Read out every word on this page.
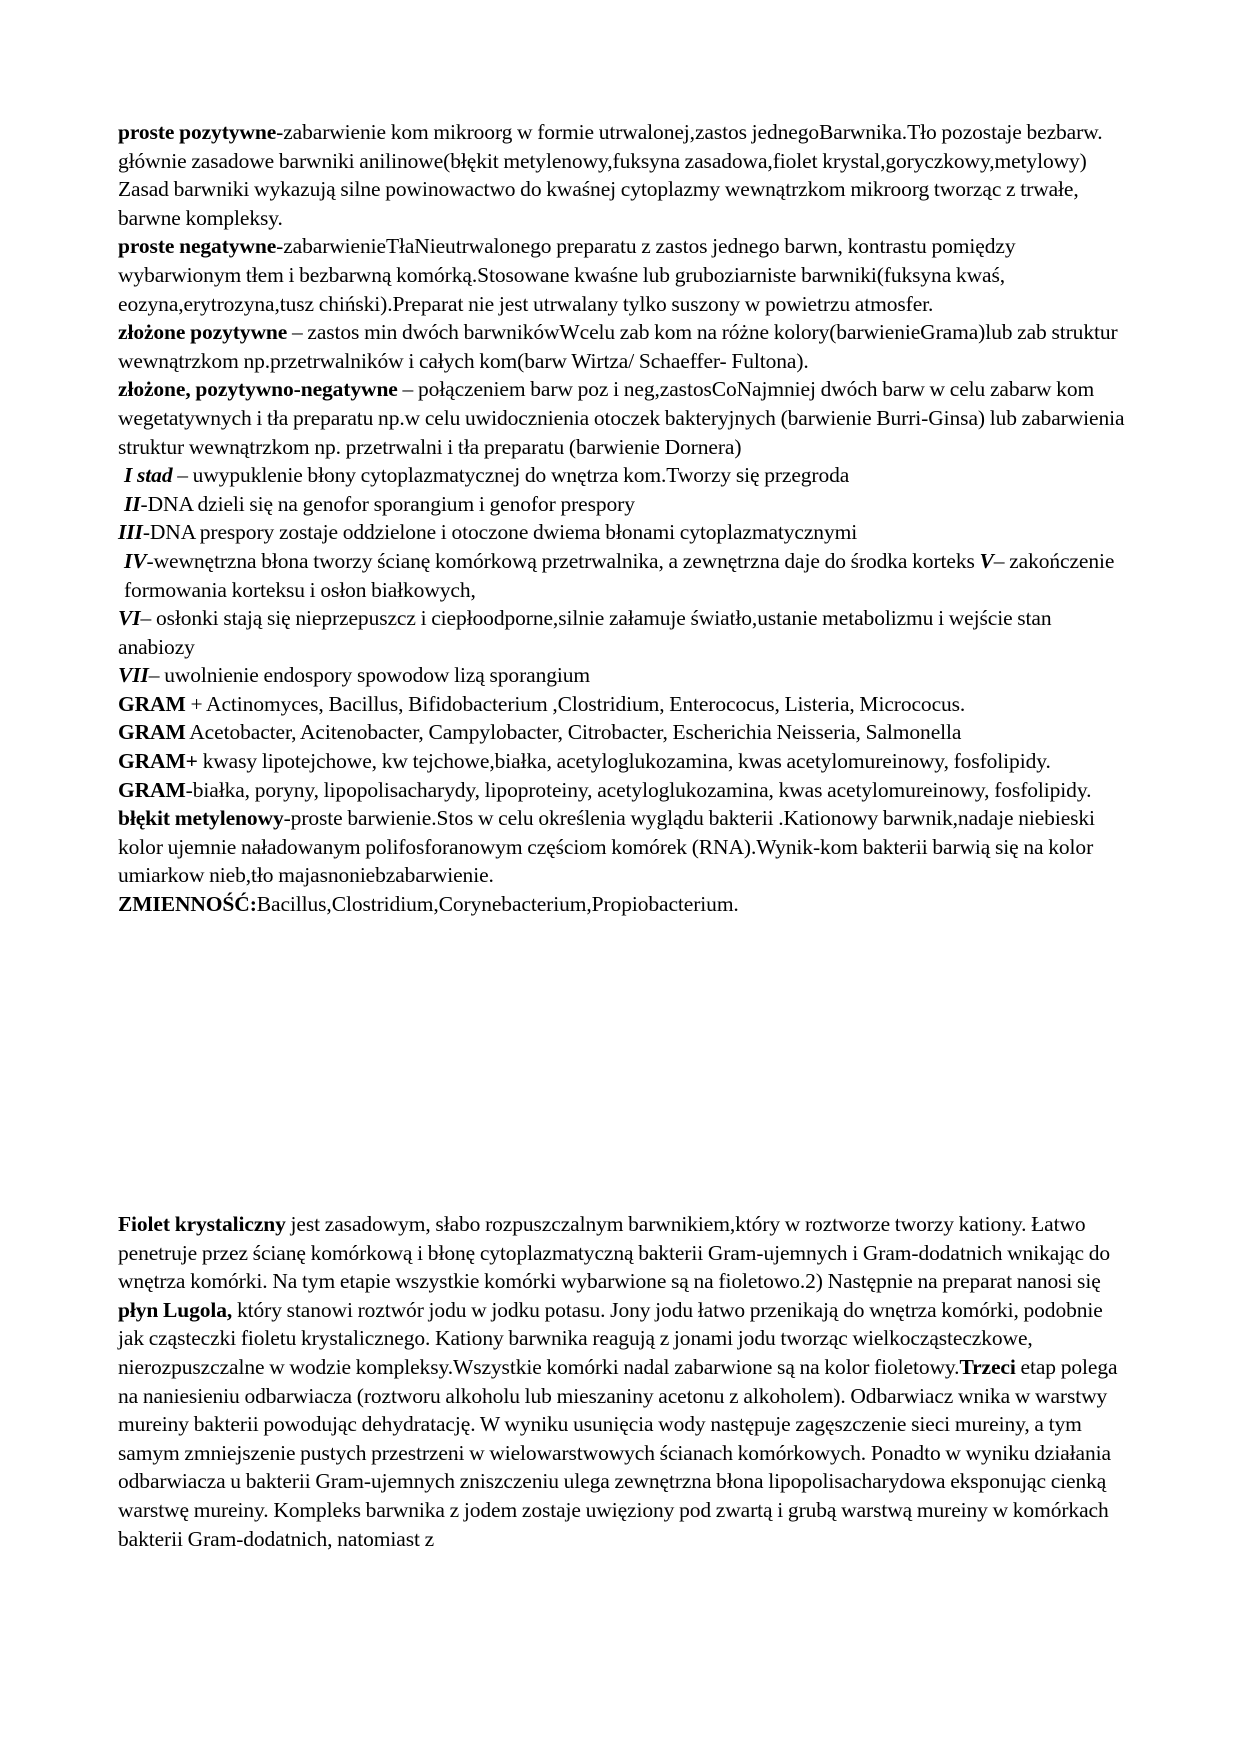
proste pozytywne-zabarwienie kom mikroorg w formie utrwalonej,zastos jednegoBarwnika.Tło pozostaje bezbarw. głównie zasadowe barwniki anilinowe(błękit metylenowy,fuksyna zasadowa,fiolet krystal,goryczkowy,metylowy) Zasad barwniki wykazują silne powinowactwo do kwaśnej cytoplazmy wewnątrzkom mikroorg tworząc z trwałe, barwne kompleksy.

proste negatywne-zabarwienieTłaNieutrwalonego preparatu z zastos jednego barwn, kontrastu pomiędzy wybarwionym tłem i bezbarwną komórką.Stosowane kwaśne lub gruboziarniste barwniki(fuksyna kwaś, eozyna,erytrozyna,tusz chiński).Preparat nie jest utrwalany tylko suszony w powietrzu atmosfer.

złożone pozytywne – zastos min dwóch barwnikówWcelu zab kom na różne kolory(barwienieGrama)lub zab struktur wewnątrzkom np.przetrwalników i całych kom(barw Wirtza/ Schaeffer- Fultona).

złożone, pozytywno-negatywne – połączeniem barw poz i neg,zastosCoNajmniej dwóch barw w celu zabarw kom wegetatywnych i tła preparatu np.w celu uwidocznienia otoczek bakteryjnych (barwienie Burri-Ginsa) lub zabarwienia struktur wewnątrzkom np. przetrwalni i tła preparatu (barwienie Dornera)

I stad – uwypuklenie błony cytoplazmatycznej do wnętrza kom.Tworzy się przegroda

II-DNA dzieli się na genofor sporangium i genofor prespory

III-DNA prespory zostaje oddzielone i otoczone dwiema błonami cytoplazmatycznymi

IV-wewnętrzna błona tworzy ścianę komórkową przetrwalnika, a zewnętrzna daje do środka korteks V– zakończenie formowania korteksu i osłon białkowych,

VI– osłonki stają się nieprzepuszcz i ciepłoodporne,silnie załamuje światło,ustanie metabolizmu i wejście stan anabiozy

VII– uwolnienie endospory spowodow lizą sporangium

GRAM + Actinomyces, Bacillus, Bifidobacterium ,Clostridium, Enterococus, Listeria, Micrococus.

GRAM Acetobacter, Acitenobacter, Campylobacter, Citrobacter, Escherichia Neisseria, Salmonella

GRAM+ kwasy lipotejchowe, kw tejchowe,białka, acetyloglukozamina, kwas acetylomureinowy, fosfolipidy.

GRAM-białka, poryny, lipopolisacharydy, lipoproteiny, acetyloglukozamina, kwas acetylomureinowy, fosfolipidy.

błękit metylenowy-proste barwienie.Stos w celu określenia wyglądu bakterii .Kationowy barwnik,nadaje niebieski kolor ujemnie naładowanym polifosforanowym częściom komórek (RNA).Wynik-kom bakterii barwią się na kolor umiarkow nieb,tło majasnoniebzabarwienie.

ZMIENNOŚĆ:Bacillus,Clostridium,Corynebacterium,Propiobacterium.

Fiolet krystaliczny jest zasadowym, słabo rozpuszczalnym barwnikiem,który w roztworze tworzy kationy. Łatwo penetruje przez ścianę komórkową i błonę cytoplazmatyczną bakterii Gram-ujemnych i Gram-dodatnich wnikając do wnętrza komórki. Na tym etapie wszystkie komórki wybarwione są na fioletowo.2) Następnie na preparat nanosi się płyn Lugola, który stanowi roztwór jodu w jodku potasu. Jony jodu łatwo przenikają do wnętrza komórki, podobnie jak cząsteczki fioletu krystalicznego. Kationy barwnika reagują z jonami jodu tworząc wielkocząsteczkowe, nierozpuszczalne w wodzie kompleksy.Wszystkie komórki nadal zabarwione są na kolor fioletowy.Trzeci etap polega na naniesieniu odbarwiacza (roztworu alkoholu lub mieszaniny acetonu z alkoholem). Odbarwiacz wnika w warstwy mureiny bakterii powodując dehydratację. W wyniku usunięcia wody następuje zagęszczenie sieci mureiny, a tym samym zmniejszenie pustych przestrzeni w wielowarstwowych ścianach komórkowych. Ponadto w wyniku działania odbarwiacza u bakterii Gram-ujemnych zniszczeniu ulega zewnętrzna błona lipopolisacharydowa eksponując cienką warstwę mureiny. Kompleks barwnika z jodem zostaje uwięziony pod zwartą i grubą warstwą mureiny w komórkach bakterii Gram-dodatnich, natomiast z
